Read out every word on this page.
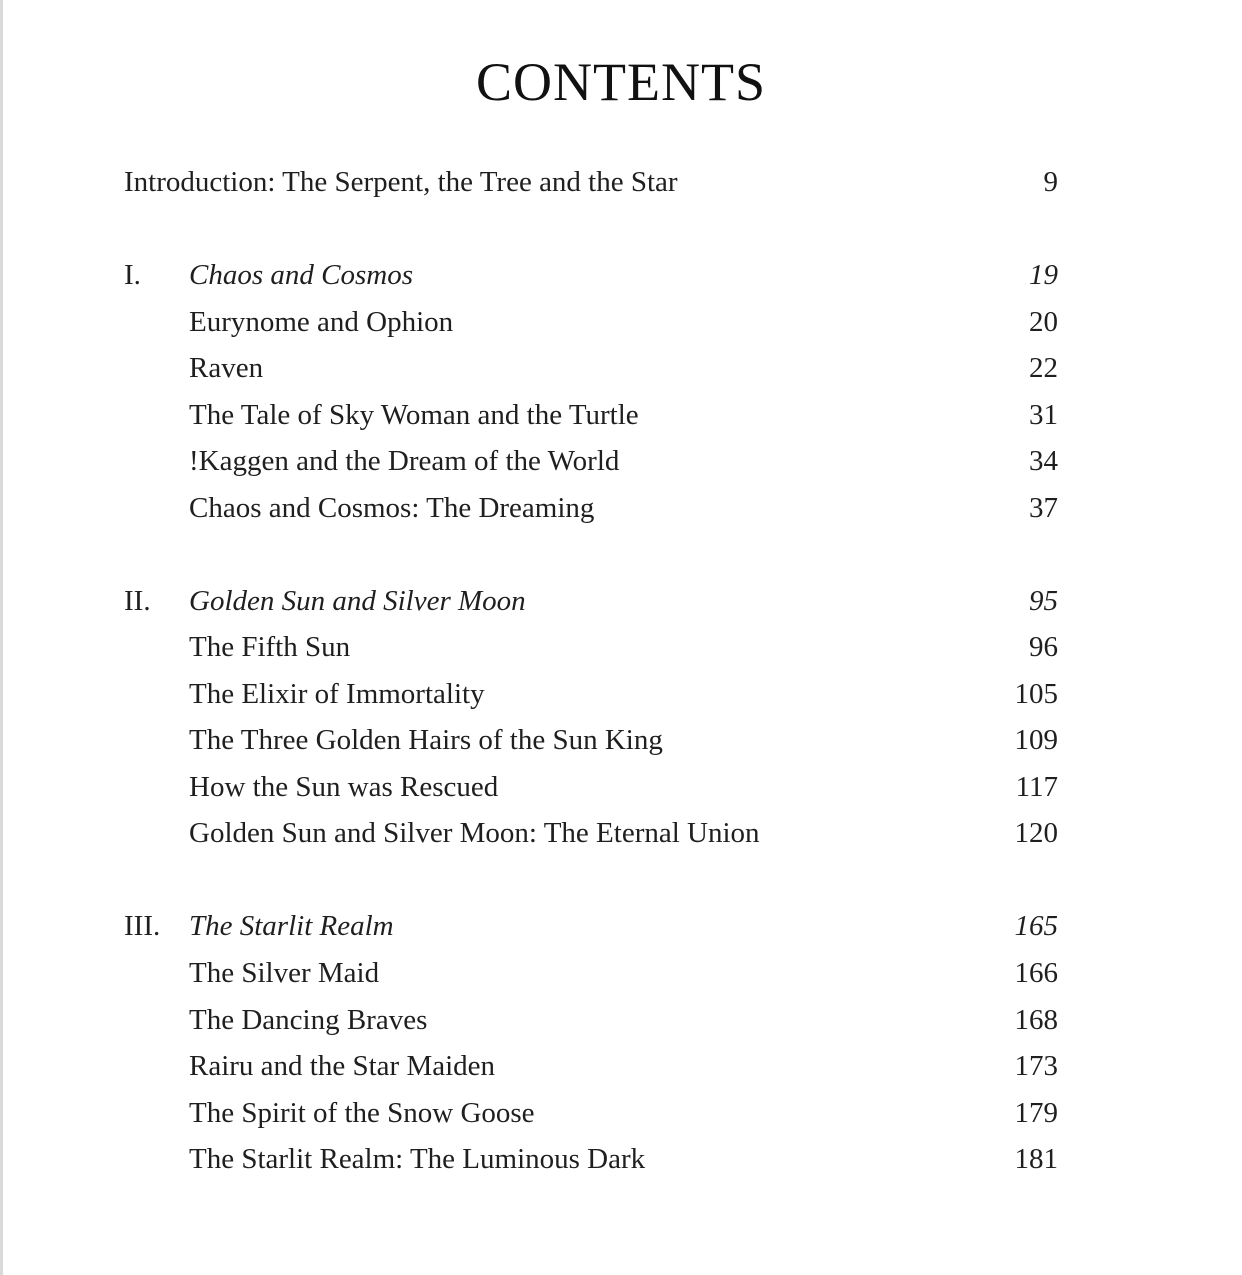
CONTENTS
Introduction: The Serpent, the Tree and the Star	9
I. Chaos and Cosmos	19
Eurynome and Ophion	20
Raven	22
The Tale of Sky Woman and the Turtle	31
!Kaggen and the Dream of the World	34
Chaos and Cosmos: The Dreaming	37
II. Golden Sun and Silver Moon	95
The Fifth Sun	96
The Elixir of Immortality	105
The Three Golden Hairs of the Sun King	109
How the Sun was Rescued	117
Golden Sun and Silver Moon: The Eternal Union	120
III. The Starlit Realm	165
The Silver Maid	166
The Dancing Braves	168
Rairu and the Star Maiden	173
The Spirit of the Snow Goose	179
The Starlit Realm: The Luminous Dark	181
